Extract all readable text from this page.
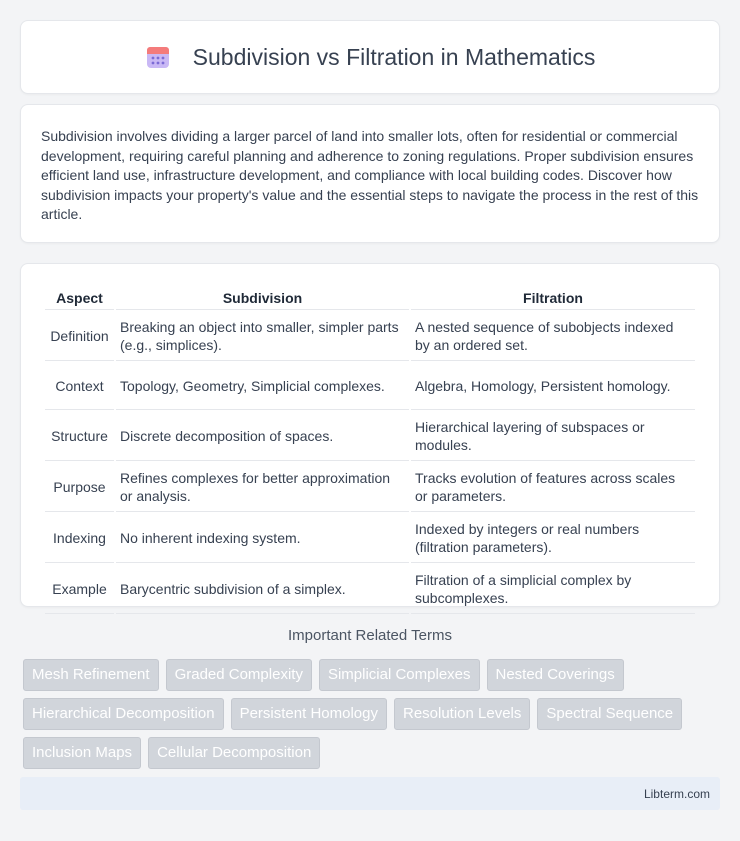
Subdivision vs Filtration in Mathematics

Subdivision involves dividing a larger parcel of land into smaller lots, often for residential or commercial development, requiring careful planning and adherence to zoning regulations. Proper subdivision ensures efficient land use, infrastructure development, and compliance with local building codes. Discover how subdivision impacts your property's value and the essential steps to navigate the process in the rest of this article.

Aspect	Subdivision	Filtration
Definition	Breaking an object into smaller, simpler parts (e.g., simplices).	A nested sequence of subobjects indexed by an ordered set.
Context	Topology, Geometry, Simplicial complexes.	Algebra, Homology, Persistent homology.
Structure	Discrete decomposition of spaces.	Hierarchical layering of subspaces or modules.
Purpose	Refines complexes for better approximation or analysis.	Tracks evolution of features across scales or parameters.
Indexing	No inherent indexing system.	Indexed by integers or real numbers (filtration parameters).
Example	Barycentric subdivision of a simplex.	Filtration of a simplicial complex by subcomplexes.
Important Related Terms
Mesh Refinement	Graded Complexity	Simplicial Complexes	Nested Coverings
Hierarchical Decomposition	Persistent Homology	Resolution Levels	Spectral Sequence
Inclusion Maps	Cellular Decomposition
Libterm.com
